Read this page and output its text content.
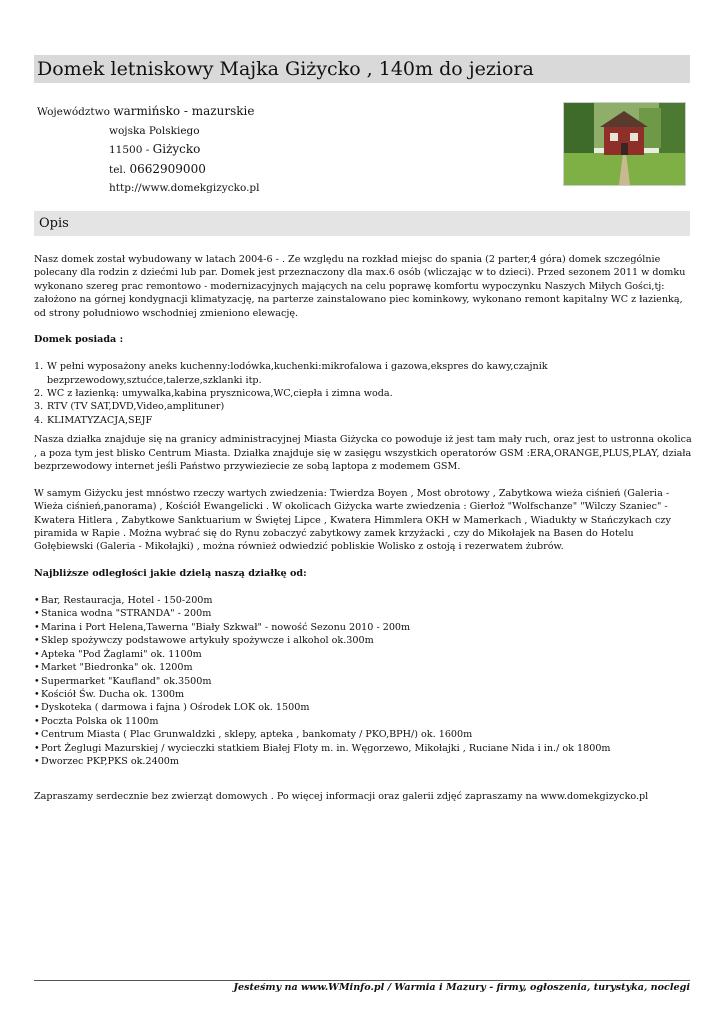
Domek letniskowy Majka Giżycko , 140m do jeziora
Województwo warmińsko - mazurskie
wojska Polskiego
11500 - Giżycko
tel. 0662909000
http://www.domekgizycko.pl
Opis

Nasz domek został wybudowany w latach 2004-6 - . Ze względu na rozkład miejsc do spania (2 parter,4 góra) domek szczególnie polecany dla rodzin z dziećmi lub par. Domek jest przeznaczony dla max.6 osób (wliczając w to dzieci). Przed sezonem 2011 w domku wykonano szereg prac remontowo - modernizacyjnych mających na celu poprawę komfortu wypoczynku Naszych Miłych Gości,tj: założono na górnej kondygnacji klimatyzację, na parterze zainstalowano piec kominkowy, wykonano remont kapitalny WC z łazienką, od strony południowo wschodniej zmieniono elewację.

Domek posiada :
1. W pełni wyposażony aneks kuchenny:lodówka,kuchenki:mikrofalowa i gazowa,ekspres do kawy,czajnik bezprzewodowy,sztućce,talerze,szklanki itp.
2. WC z łazienką: umywalka,kabina prysznicowa,WC,ciepła i zimna woda.
3. RTV (TV SAT,DVD,Video,amplituner)
4. KLIMATYZACJA,SEJF

Nasza działka znajduje się na granicy administracyjnej Miasta Giżycka co powoduje iż jest tam mały ruch, oraz jest to ustronna okolica , a poza tym jest blisko Centrum Miasta. Działka znajduje się w zasięgu wszystkich operatorów GSM :ERA,ORANGE,PLUS,PLAY, działa bezprzewodowy internet jeśli Państwo przywieziecie ze sobą laptopa z modemem GSM.

W samym Giżycku jest mnóstwo rzeczy wartych zwiedzenia: Twierdza Boyen , Most obrotowy , Zabytkowa wieża ciśnień (Galeria - Wieża ciśnień,panorama) , Kościół Ewangelicki . W okolicach Giżycka warte zwiedzenia : Gierłoż "Wolfschanze" "Wilczy Szaniec" - Kwatera Hitlera , Zabytkowe Sanktuarium w Świętej Lipce , Kwatera Himmlera OKH w Mamerkach , Wiadukty w Stańczykach czy piramida w Rapie . Można wybrać się do Rynu zobaczyć zabytkowy zamek krzyżacki , czy do Mikołajek na Basen do Hotelu Gołębiewski (Galeria - Mikołajki) , można również odwiedzić pobliskie Wolisko z ostoją i rezerwatem żubrów.

Najbliższe odległości jakie dzielą naszą działkę od:
• Bar, Restauracja, Hotel - 150-200m
• Stanica wodna "STRANDA" - 200m
• Marina i Port Helena,Tawerna "Biały Szkwał" - nowość Sezonu 2010 - 200m
• Sklep spożywczy podstawowe artykuły spożywcze i alkohol ok.300m
• Apteka "Pod Żaglami" ok. 1100m
• Market "Biedronka" ok. 1200m
• Supermarket "Kaufland" ok.3500m
• Kościół Św. Ducha ok. 1300m
• Dyskoteka ( darmowa i fajna ) Ośrodek LOK ok. 1500m
• Poczta Polska ok 1100m
• Centrum Miasta ( Plac Grunwaldzki , sklepy, apteka , bankomaty / PKO,BPH/) ok. 1600m
• Port Żeglugi Mazurskiej / wycieczki statkiem Białej Floty m. in. Węgorzewo, Mikołajki , Ruciane Nida i in./ ok 1800m
• Dworzec PKP,PKS ok.2400m
Zapraszamy serdecznie bez zwierząt domowych . Po więcej informacji oraz galerii zdjęć zapraszamy na www.domekgizycko.pl
Jesteśmy na www.WMinfo.pl / Warmia i Mazury - firmy, ogłoszenia, turystyka, noclegi
